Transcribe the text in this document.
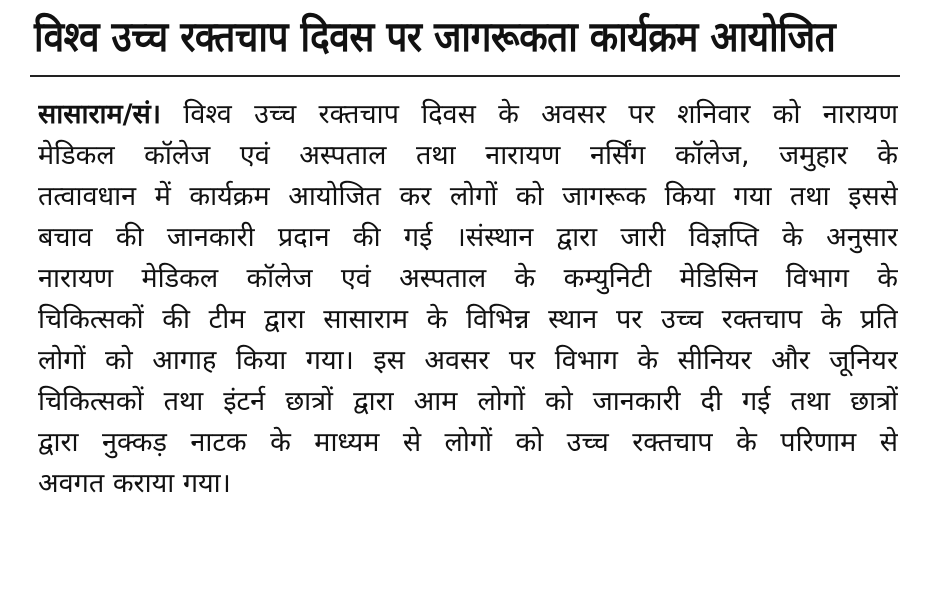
विश्व उच्च रक्तचाप दिवस पर जागरूकता कार्यक्रम आयोजित
सासाराम/सं। विश्व उच्च रक्तचाप दिवस के अवसर पर शनिवार को नारायण
मेडिकल कॉलेज एवं अस्पताल तथा नारायण नर्सिंग कॉलेज, जमुहार के
तत्वावधान में कार्यक्रम आयोजित कर लोगों को जागरूक किया गया तथा इससे
बचाव की जानकारी प्रदान की गई ।संस्थान द्वारा जारी विज्ञप्ति के अनुसार
नारायण मेडिकल कॉलेज एवं अस्पताल के कम्युनिटी मेडिसिन विभाग के
चिकित्सकों की टीम द्वारा सासाराम के विभिन्न स्थान पर उच्च रक्तचाप के प्रति
लोगों को आगाह किया गया। इस अवसर पर विभाग के सीनियर और जूनियर
चिकित्सकों तथा इंटर्न छात्रों द्वारा आम लोगों को जानकारी दी गई तथा छात्रों
द्वारा नुक्कड़ नाटक के माध्यम से लोगों को उच्च रक्तचाप के परिणाम से
अवगत कराया गया।
